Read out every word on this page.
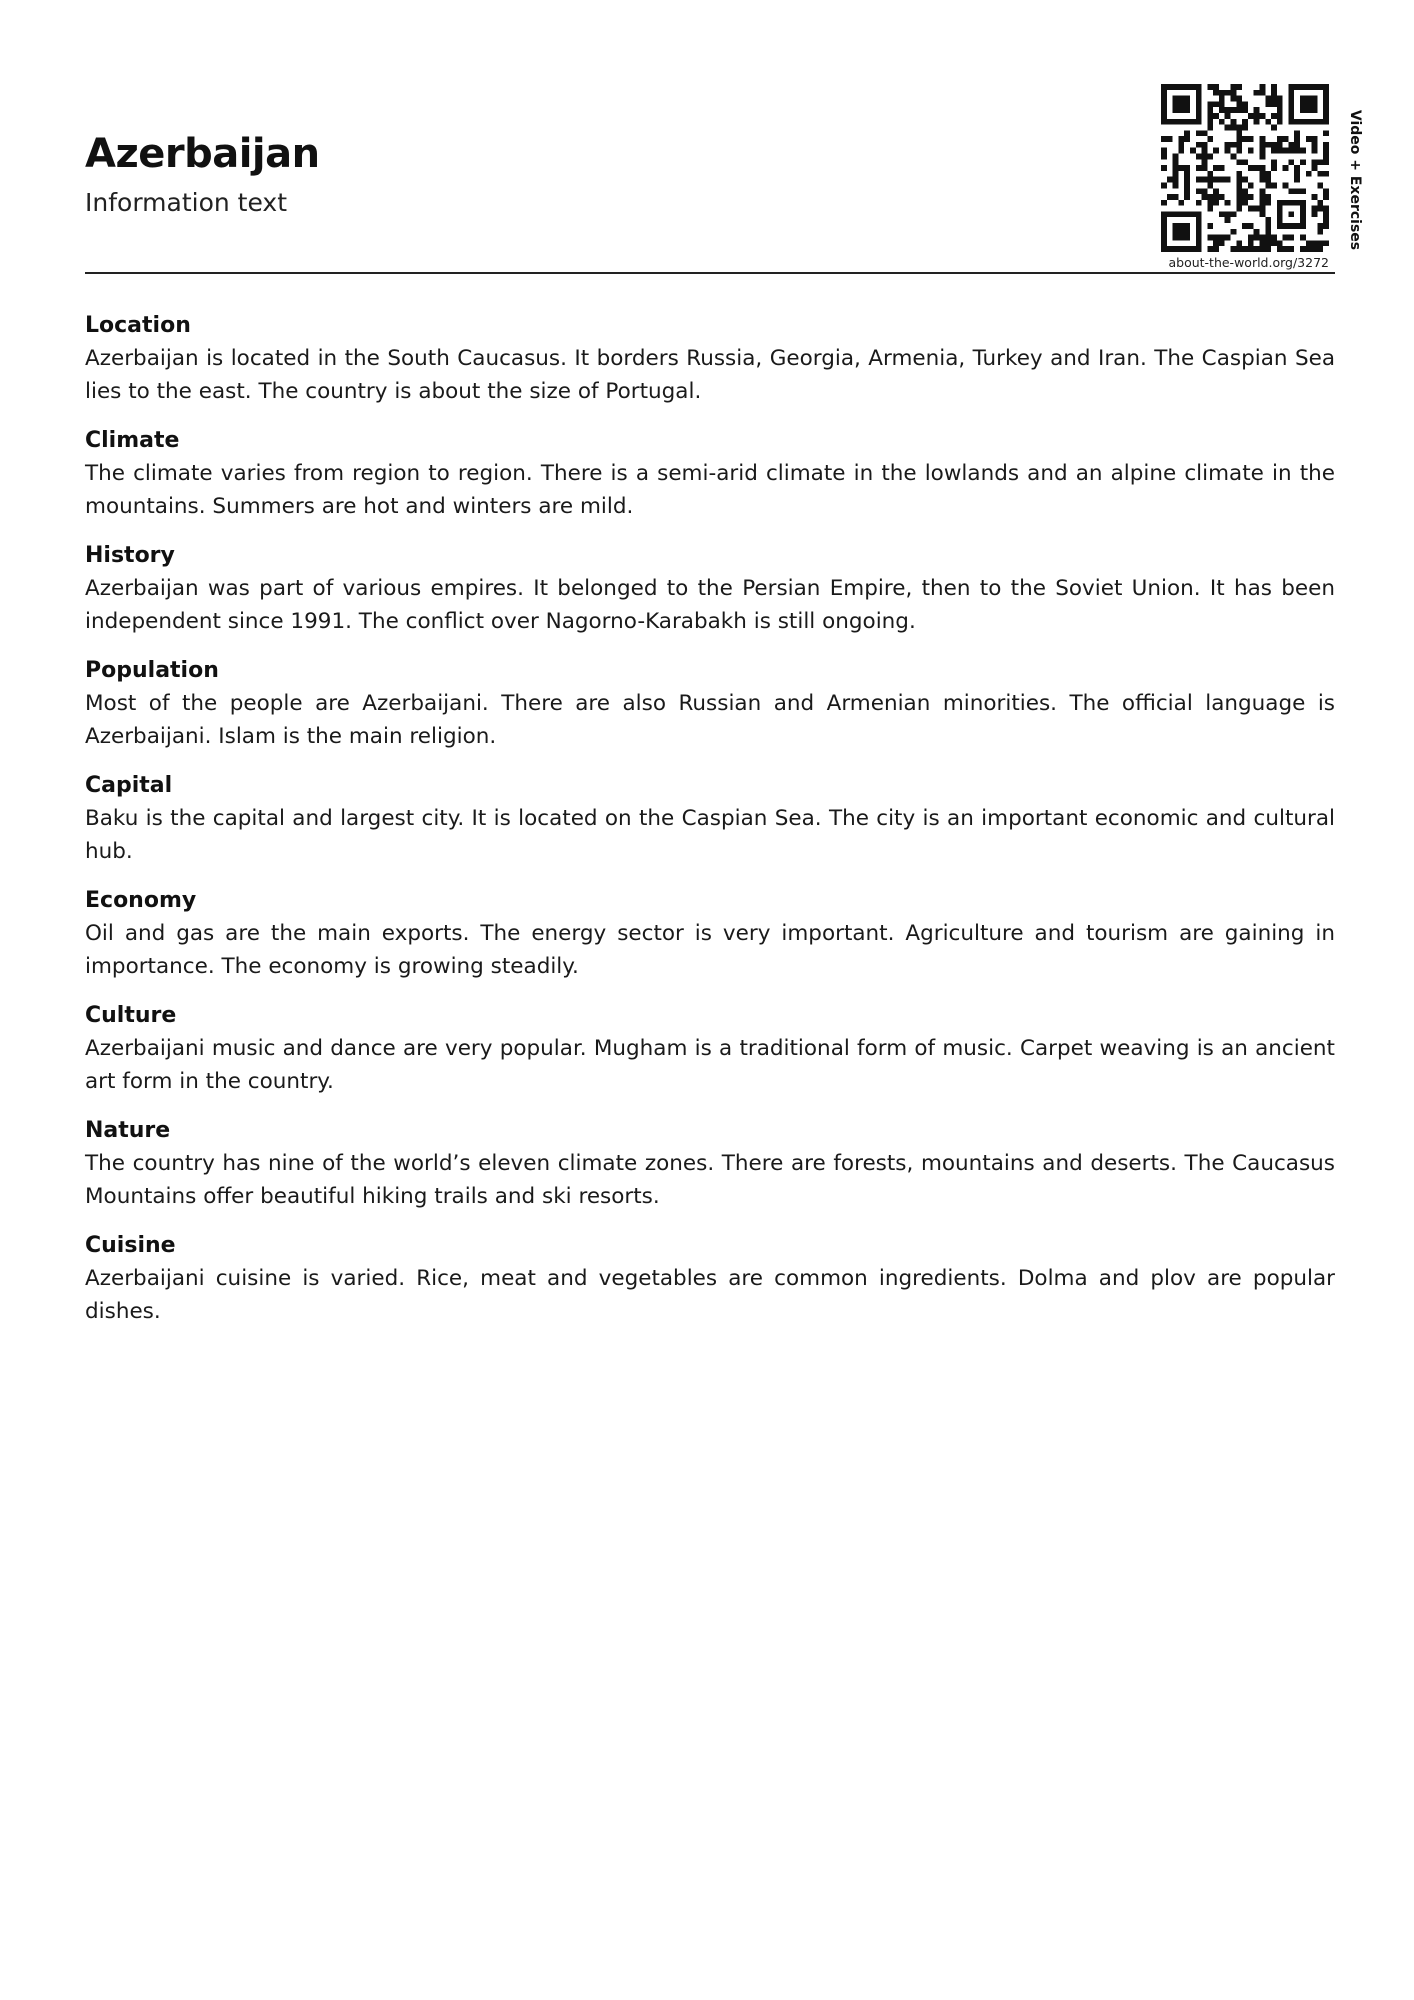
Azerbaijan

Information text

about-the-world.org/3272
Video + Exercises

Location

Azerbaijan is located in the South Caucasus. It borders Russia, Georgia, Armenia, Turkey and Iran. The Caspian Sea lies to the east. The country is about the size of Portugal.

Climate

The climate varies from region to region. There is a semi-arid climate in the lowlands and an alpine climate in the mountains. Summers are hot and winters are mild.

History

Azerbaijan was part of various empires. It belonged to the Persian Empire, then to the Soviet Union. It has been independent since 1991. The conflict over Nagorno-Karabakh is still ongoing.

Population

Most of the people are Azerbaijani. There are also Russian and Armenian minorities. The official language is Azerbaijani. Islam is the main religion.

Capital

Baku is the capital and largest city. It is located on the Caspian Sea. The city is an important economic and cultural hub.

Economy

Oil and gas are the main exports. The energy sector is very important. Agriculture and tourism are gaining in importance. The economy is growing steadily.

Culture

Azerbaijani music and dance are very popular. Mugham is a traditional form of music. Carpet weaving is an ancient art form in the country.

Nature

The country has nine of the world’s eleven climate zones. There are forests, mountains and deserts. The Caucasus Mountains offer beautiful hiking trails and ski resorts.

Cuisine

Azerbaijani cuisine is varied. Rice, meat and vegetables are common ingredients. Dolma and plov are popular dishes.
